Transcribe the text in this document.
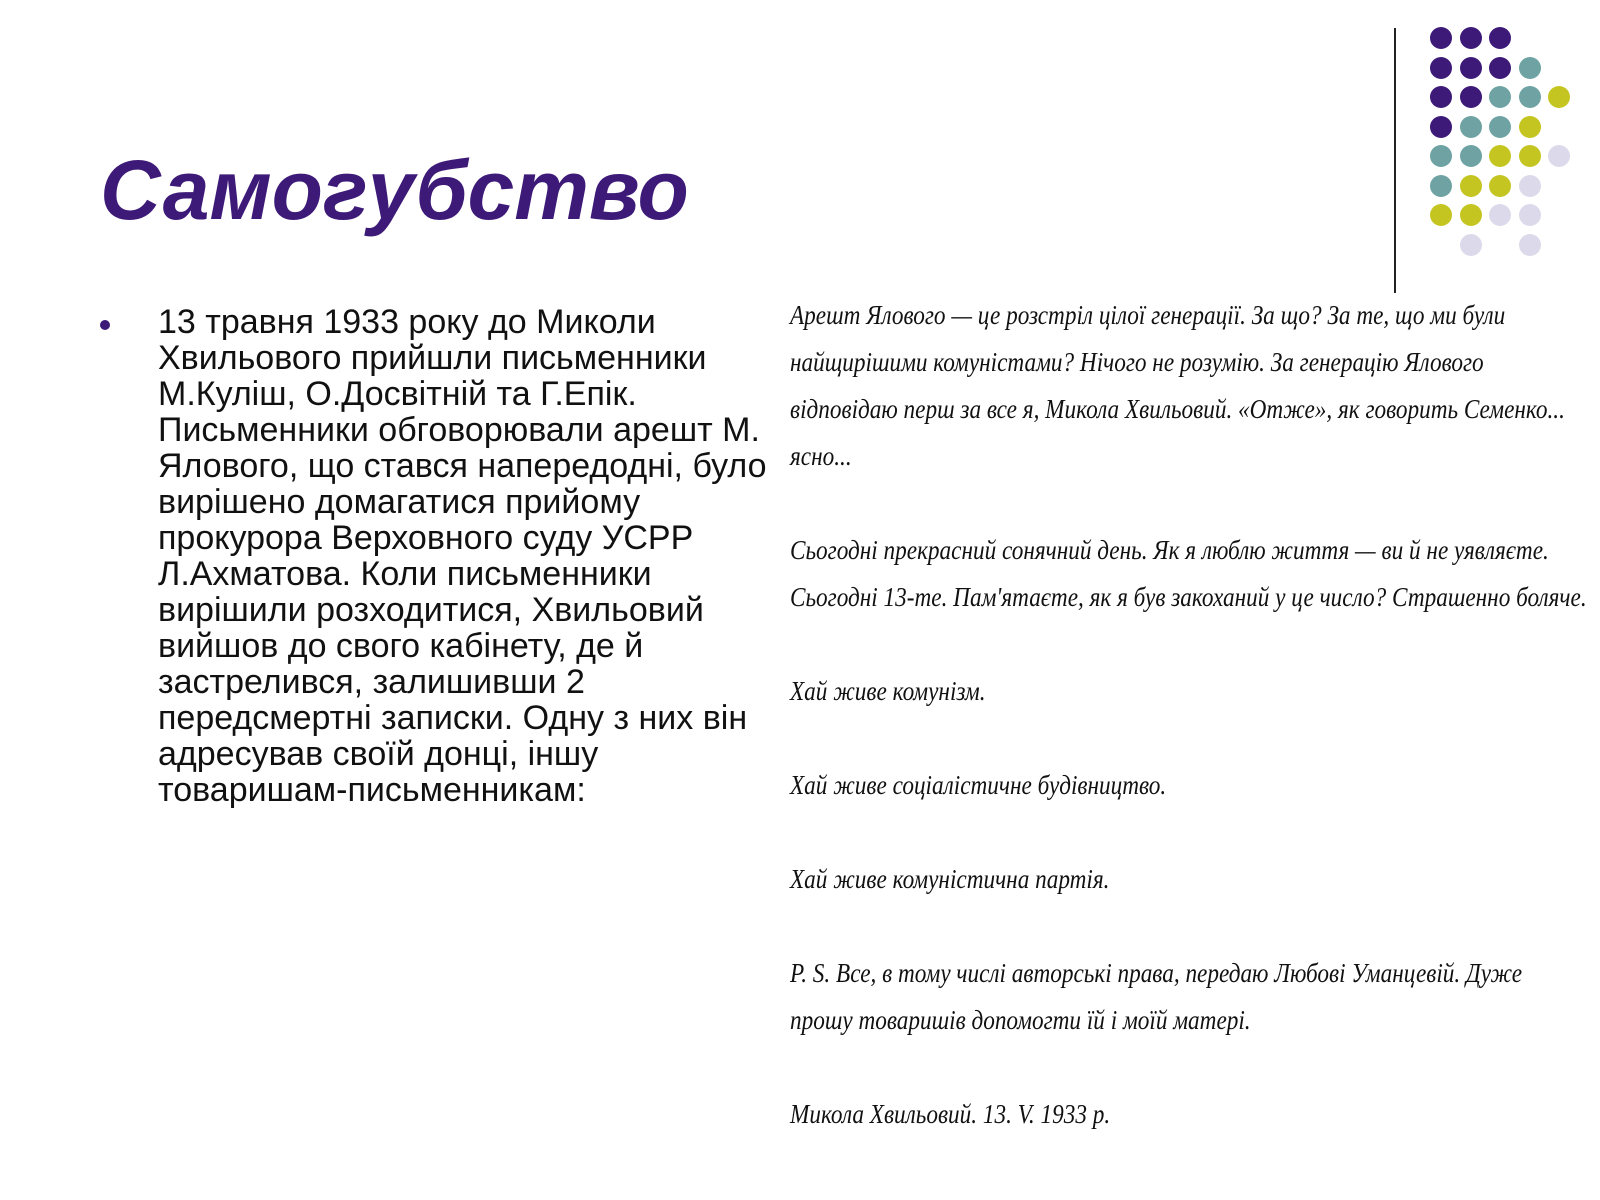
Самогубство
13 травня 1933 року до Миколи Хвильового прийшли письменники М.Куліш, О.Досвітній та Г.Епік. Письменники обговорювали арешт М. Ялового, що стався напередодні, було вирішено домагатися прийому прокурора Верховного суду УСРР Л.Ахматова. Коли письменники вирішили розходитися, Хвильовий вийшов до свого кабінету, де й застрелився, залишивши 2 передсмертні записки. Одну з них він адресував своїй донці, іншу товаришам-письменникам:

Арешт Ялового — це розстріл цілої генерації. За що? За те, що ми були
найщирішими комуністами? Нічого не розумію. За генерацію Ялового
відповідаю перш за все я, Микола Хвильовий. «Отже», як говорить Семенко...
ясно...

Сьогодні прекрасний сонячний день. Як я люблю життя — ви й не уявляєте.
Сьогодні 13-те. Пам'ятаєте, як я був закоханий у це число? Страшенно боляче.

Хай живе комунізм.

Хай живе соціалістичне будівництво.

Хай живе комуністична партія.

P. S. Все, в тому числі авторські права, передаю Любові Уманцевій. Дуже
прошу товаришів допомогти їй і моїй матері.

Микола Хвильовий. 13. V. 1933 р.
